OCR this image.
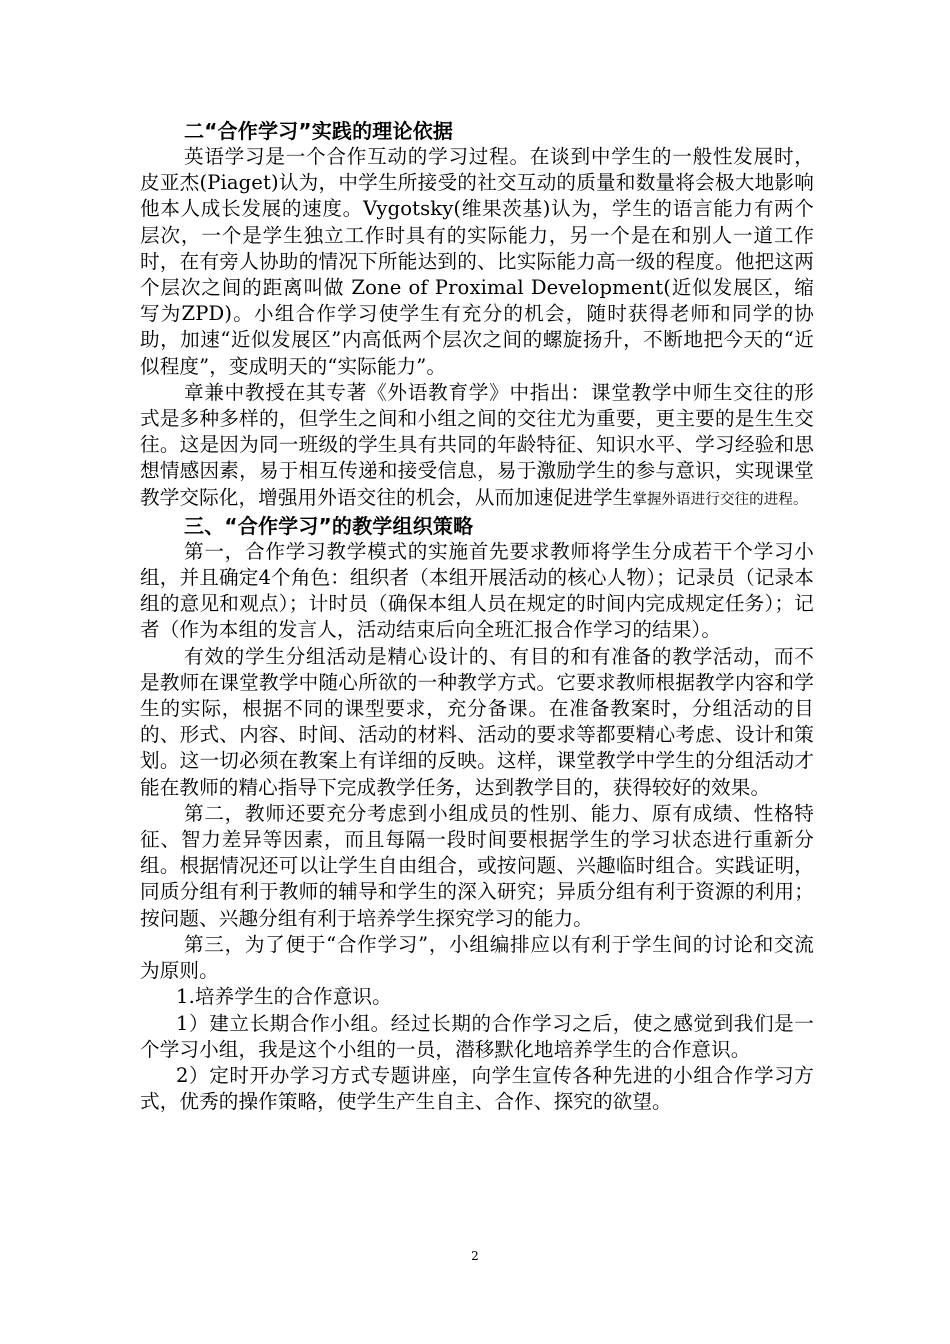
二“合作学习”实践的理论依据

英语学习是一个合作互动的学习过程。在谈到中学生的一般性发展时，皮亚杰(Piaget)认为，中学生所接受的社交互动的质量和数量将会极大地影响他本人成长发展的速度。Vygotsky(维果茨基)认为，学生的语言能力有两个层次，一个是学生独立工作时具有的实际能力，另一个是在和别人一道工作时，在有旁人协助的情况下所能达到的、比实际能力高一级的程度。他把这两个层次之间的距离叫做 Zone of Proximal Development(近似发展区，缩写为ZPD)。小组合作学习使学生有充分的机会，随时获得老师和同学的协助，加速“近似发展区”内高低两个层次之间的螺旋扬升，不断地把今天的“近似程度”，变成明天的“实际能力”。

章兼中教授在其专著《外语教育学》中指出：课堂教学中师生交往的形式是多种多样的，但学生之间和小组之间的交往尤为重要，更主要的是生生交往。这是因为同一班级的学生具有共同的年龄特征、知识水平、学习经验和思想情感因素，易于相互传递和接受信息，易于激励学生的参与意识，实现课堂教学交际化，增强用外语交往的机会，从而加速促进学生掌握外语进行交往的进程。

三、“合作学习”的教学组织策略

第一，合作学习教学模式的实施首先要求教师将学生分成若干个学习小组，并且确定4个角色：组织者（本组开展活动的核心人物）；记录员（记录本组的意见和观点）；计时员（确保本组人员在规定的时间内完成规定任务）；记者（作为本组的发言人，活动结束后向全班汇报合作学习的结果）。

有效的学生分组活动是精心设计的、有目的和有准备的教学活动，而不是教师在课堂教学中随心所欲的一种教学方式。它要求教师根据教学内容和学生的实际，根据不同的课型要求，充分备课。在准备教案时，分组活动的目的、形式、内容、时间、活动的材料、活动的要求等都要精心考虑、设计和策划。这一切必须在教案上有详细的反映。这样，课堂教学中学生的分组活动才能在教师的精心指导下完成教学任务，达到教学目的，获得较好的效果。

第二，教师还要充分考虑到小组成员的性别、能力、原有成绩、性格特征、智力差异等因素，而且每隔一段时间要根据学生的学习状态进行重新分组。根据情况还可以让学生自由组合，或按问题、兴趣临时组合。实践证明，同质分组有利于教师的辅导和学生的深入研究；异质分组有利于资源的利用；按问题、兴趣分组有利于培养学生探究学习的能力。

第三，为了便于“合作学习”，小组编排应以有利于学生间的讨论和交流为原则。

1.培养学生的合作意识。

1）建立长期合作小组。经过长期的合作学习之后，使之感觉到我们是一个学习小组，我是这个小组的一员，潜移默化地培养学生的合作意识。

2）定时开办学习方式专题讲座，向学生宣传各种先进的小组合作学习方式，优秀的操作策略，使学生产生自主、合作、探究的欲望。

2
